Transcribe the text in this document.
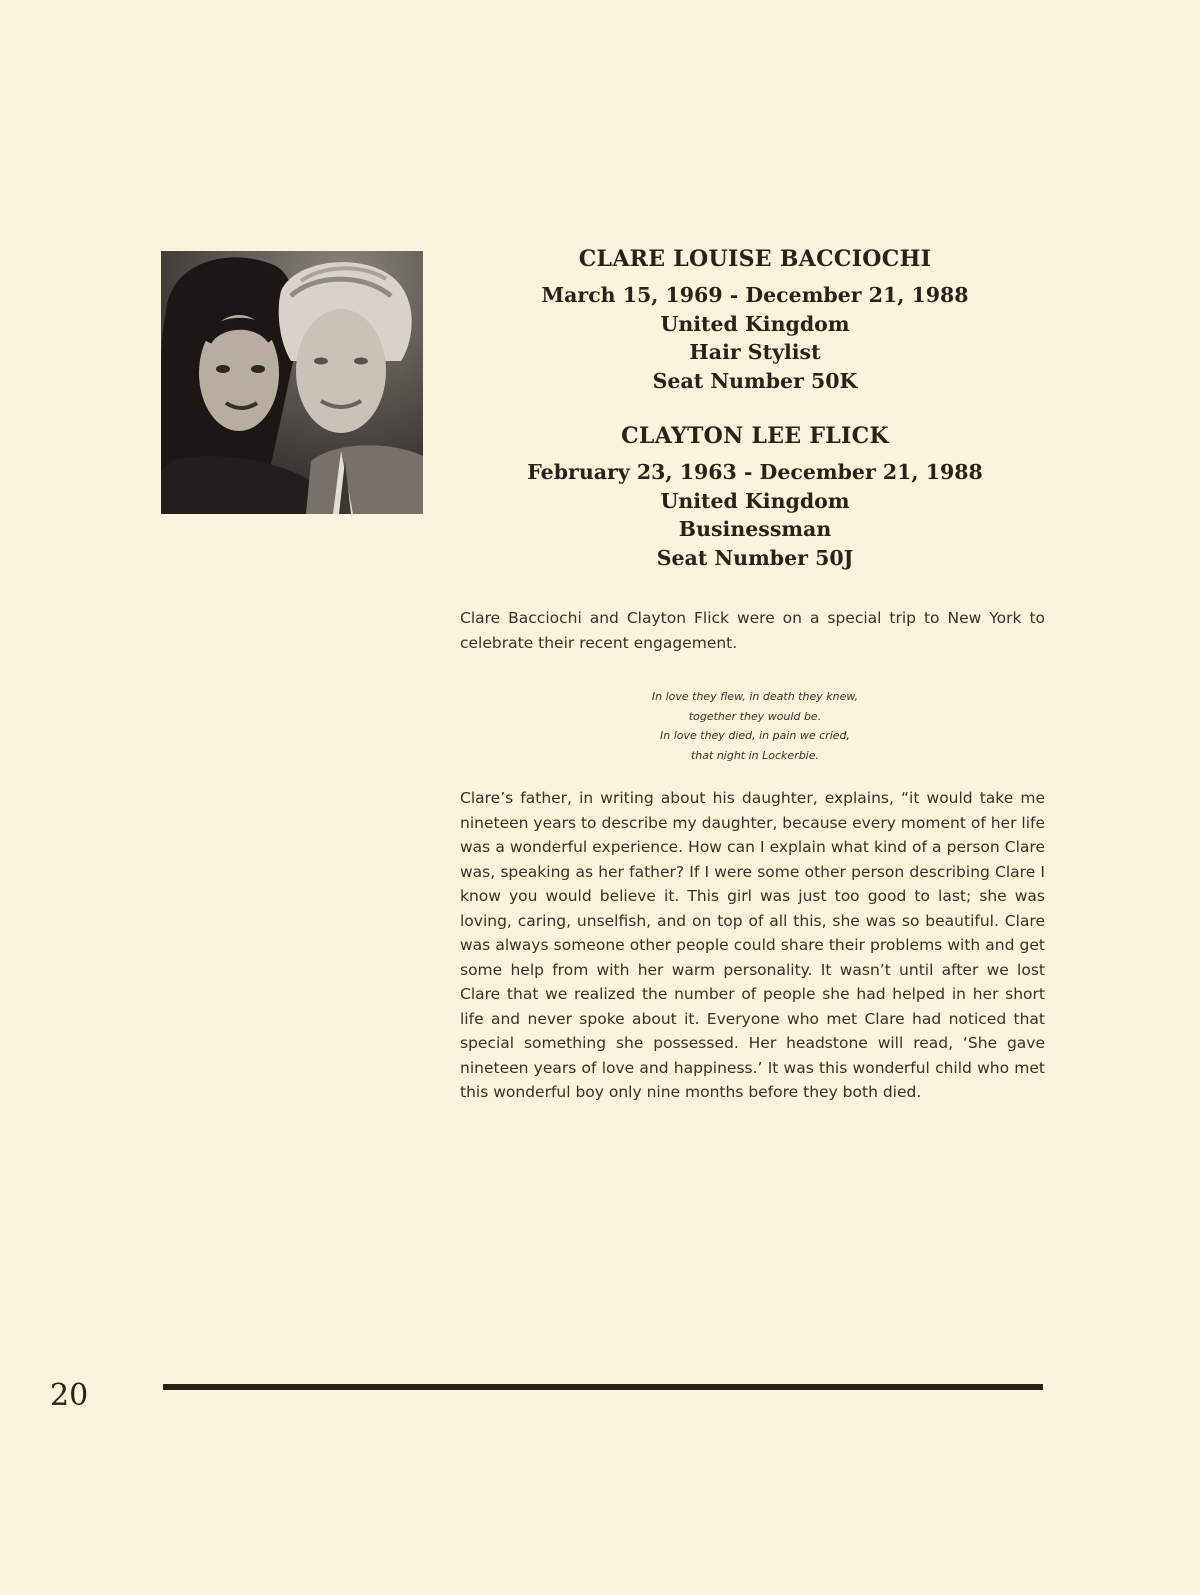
CLARE LOUISE BACCIOCHI
March 15, 1969 - December 21, 1988
United Kingdom
Hair Stylist
Seat Number 50K
CLAYTON LEE FLICK
February 23, 1963 - December 21, 1988
United Kingdom
Businessman
Seat Number 50J

Clare Bacciochi and Clayton Flick were on a special trip to New York to celebrate their recent engagement.

In love they flew, in death they knew,
together they would be.
In love they died, in pain we cried,
that night in Lockerbie.

Clare’s father, in writing about his daughter, explains, “it would take me nineteen years to describe my daughter, because every moment of her life was a wonderful experience. How can I explain what kind of a person Clare was, speaking as her father? If I were some other person describing Clare I know you would believe it. This girl was just too good to last; she was loving, caring, unselfish, and on top of all this, she was so beautiful. Clare was always someone other people could share their problems with and get some help from with her warm personality. It wasn’t until after we lost Clare that we realized the number of people she had helped in her short life and never spoke about it. Everyone who met Clare had noticed that special something she possessed. Her headstone will read, ‘She gave nineteen years of love and happiness.’ It was this wonderful child who met this wonderful boy only nine months before they both died.

20
